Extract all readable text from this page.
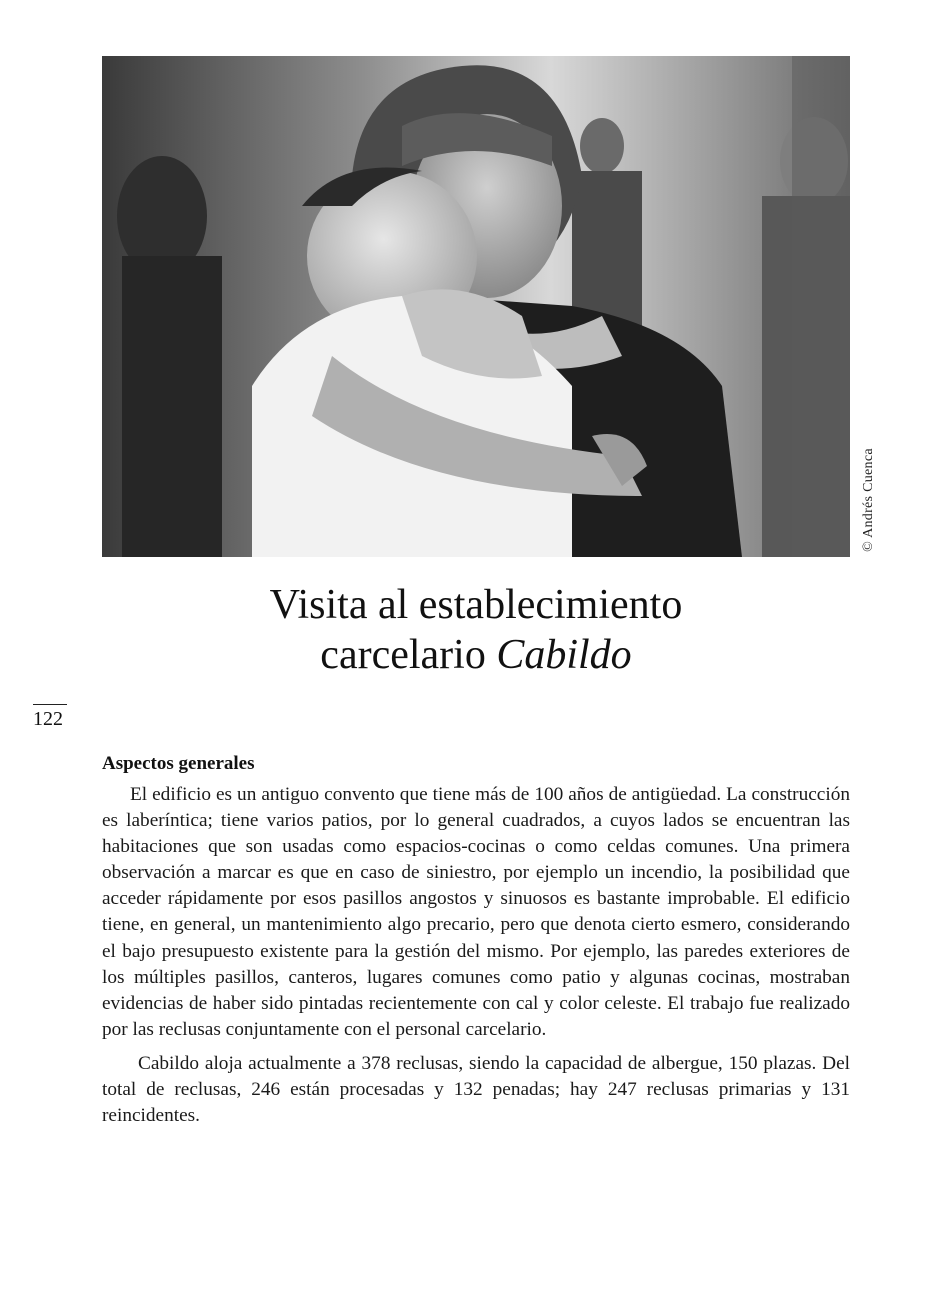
© Andrés Cuenca
Visita al establecimiento
carcelario Cabildo
122
Aspectos generales

El edificio es un antiguo convento que tiene más de 100 años de antigüedad. La construcción es laberíntica; tiene varios patios, por lo general cuadrados, a cuyos lados se encuentran las habitaciones que son usadas como espacios-cocinas o como celdas comunes. Una primera observación a marcar es que en caso de siniestro, por ejemplo un incendio, la posibilidad que acceder rápidamente por esos pasillos angostos y sinuosos es bastante improbable. El edificio tiene, en general, un mantenimiento algo precario, pero que denota cierto esmero, considerando el bajo presupuesto existente para la gestión del mismo. Por ejemplo, las paredes exteriores de los múltiples pasillos, canteros, lugares comunes como patio y algunas cocinas, mostraban evidencias de haber sido pintadas recientemente con cal y color celeste. El trabajo fue realizado por las reclusas conjuntamente con el personal carcelario.

Cabildo aloja actualmente a 378 reclusas, siendo la capacidad de albergue, 150 plazas. Del total de reclusas, 246 están procesadas y 132 penadas; hay 247 reclusas primarias y 131 reincidentes.
